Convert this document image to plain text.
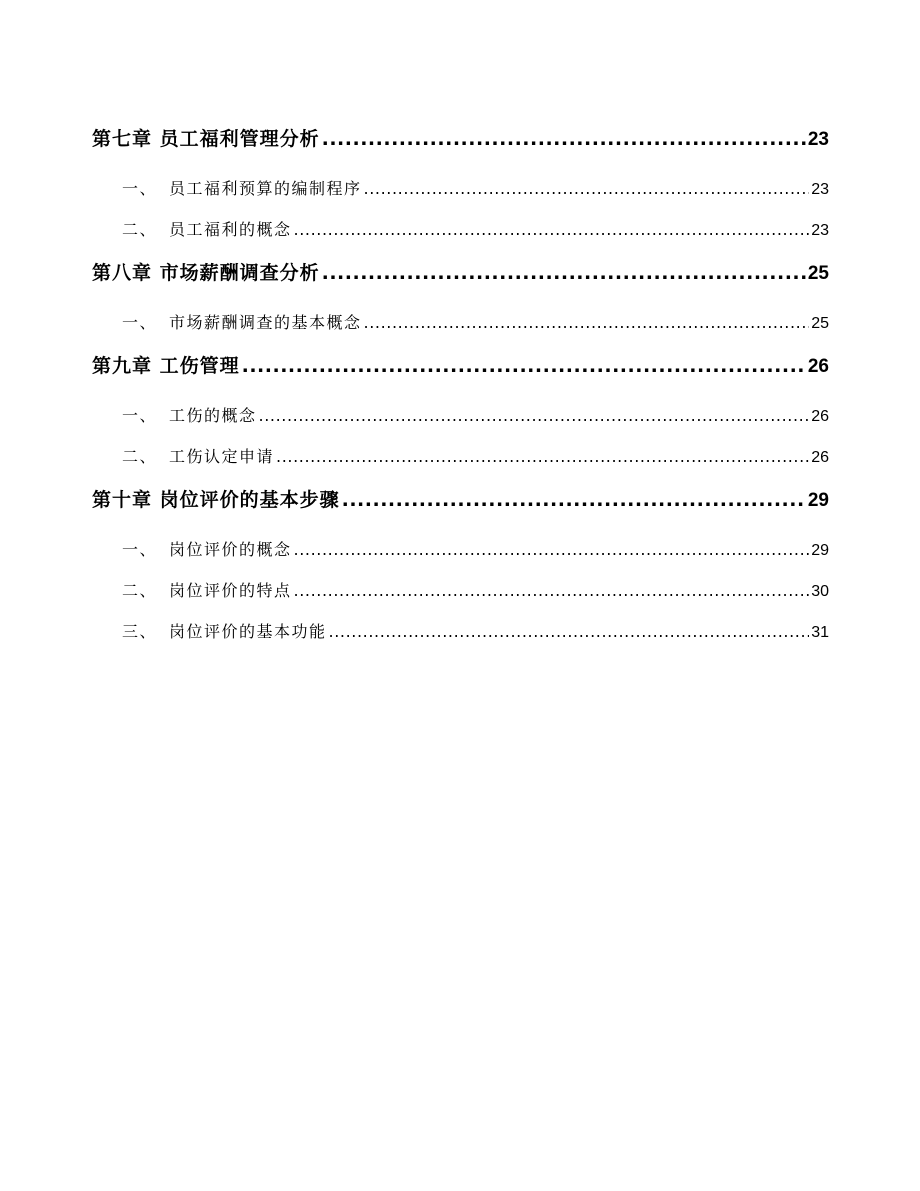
第七章 员工福利管理分析 .....	23
一、 员工福利预算的编制程序 .....	23
二、 员工福利的概念 .....	23
第八章 市场薪酬调查分析 .....	25
一、 市场薪酬调查的基本概念 .....	25
第九章 工伤管理 .....	26
一、 工伤的概念 .....	26
二、 工伤认定申请 .....	26
第十章 岗位评价的基本步骤 .....	29
一、 岗位评价的概念 .....	29
二、 岗位评价的特点 .....	30
三、 岗位评价的基本功能 .....	31
